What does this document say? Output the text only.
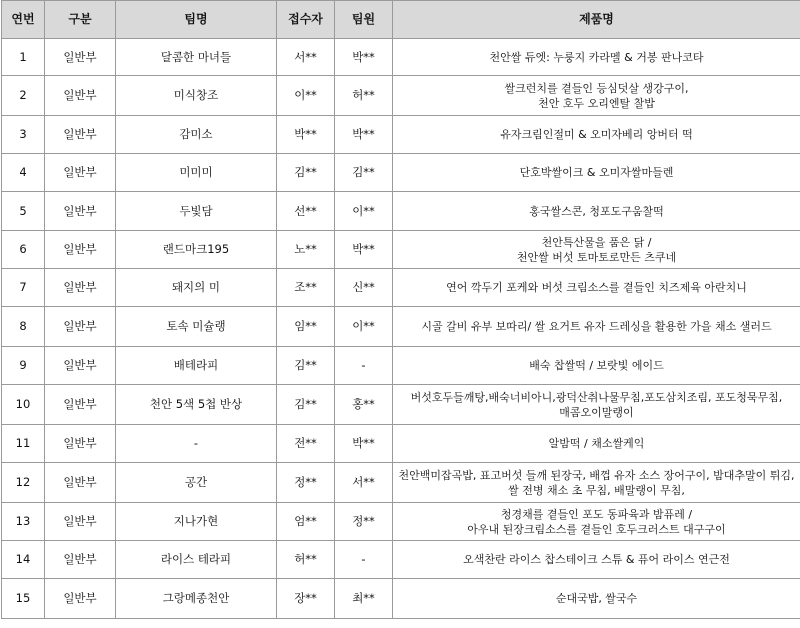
연번	구분	팀명	접수자	팀원	제품명
1	일반부	달콤한 마녀들	서**	박**	천안쌀 듀엣: 누룽지 카라멜 & 거봉 판나코타
2	일반부	미식창조	이**	허**	쌀크런치를 곁들인 등심덧살 생강구이,
천안 호두 오리엔탈 찰밥
3	일반부	감미소	박**	박**	유자크림인절미 & 오미자베리 앙버터 떡
4	일반부	미미미	김**	김**	단호박쌀이크 & 오미자쌀마들렌
5	일반부	두빛담	선**	이**	홍국쌀스콘, 청포도구움찰떡
6	일반부	랜드마크195	노**	박**	천안특산물을 품은 닭 /
천안쌀 버섯 토마토로만든 츠쿠네
7	일반부	돼지의 미	조**	신**	연어 깍두기 포케와 버섯 크림소스를 곁들인 치즈제육 아란치니
8	일반부	토속 미슐랭	임**	이**	시골 갈비 유부 보따리/ 쌀 요거트 유자 드레싱을 활용한 가을 채소 샐러드
9	일반부	배테라피	김**	-	배숙 찹쌀떡 / 보랏빛 에이드
10	일반부	천안 5색 5첩 반상	김**	홍**	버섯호두들깨탕,배숙너비아니,광덕산취나물무침,포도삼치조림, 포도청묵무침,매콤오이말랭이
11	일반부	-	전**	박**	알밤떡 / 채소쌀케익
12	일반부	공간	정**	서**	천안백미잡곡밥, 표고버섯 들깨 된장국, 배껍 유자 소스 장어구이, 밤대추말이 튀김, 쌀 전병 채소 초 무침, 배말랭이 무침,
13	일반부	지나가현	엄**	정**	청경채를 곁들인 포도 동파육과 밤퓨레 /
아우내 된장크림소스를 곁들인 호두크러스트 대구구이
14	일반부	라이스 테라피	허**	-	오색찬란 라이스 찹스테이크 스튜 & 퓨어 라이스 연근전
15	일반부	그랑메종천안	장**	최**	순대국밥, 쌀국수
